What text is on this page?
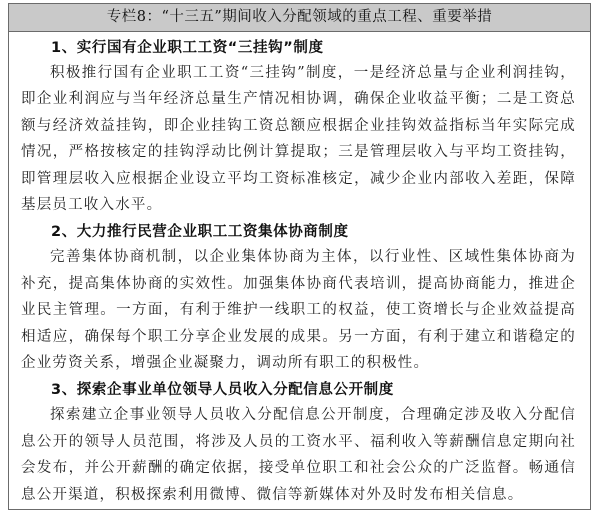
专栏8：“十三五”期间收入分配领域的重点工程、重要举措
1、实行国有企业职工工资“三挂钩”制度

积极推行国有企业职工工资“三挂钩”制度，一是经济总量与企业利润挂钩，即企业利润应与当年经济总量生产情况相协调，确保企业收益平衡；二是工资总额与经济效益挂钩，即企业挂钩工资总额应根据企业挂钩效益指标当年实际完成情况，严格按核定的挂钩浮动比例计算提取；三是管理层收入与平均工资挂钩，即管理层收入应根据企业设立平均工资标准核定，减少企业内部收入差距，保障基层员工收入水平。

2、大力推行民营企业职工工资集体协商制度

完善集体协商机制，以企业集体协商为主体，以行业性、区域性集体协商为补充，提高集体协商的实效性。加强集体协商代表培训，提高协商能力，推进企业民主管理。一方面，有利于维护一线职工的权益，使工资增长与企业效益提高相适应，确保每个职工分享企业发展的成果。另一方面，有利于建立和谐稳定的企业劳资关系，增强企业凝聚力，调动所有职工的积极性。

3、探索企事业单位领导人员收入分配信息公开制度

探索建立企事业领导人员收入分配信息公开制度，合理确定涉及收入分配信息公开的领导人员范围，将涉及人员的工资水平、福利收入等薪酬信息定期向社会发布，并公开薪酬的确定依据，接受单位职工和社会公众的广泛监督。畅通信息公开渠道，积极探索利用微博、微信等新媒体对外及时发布相关信息。
